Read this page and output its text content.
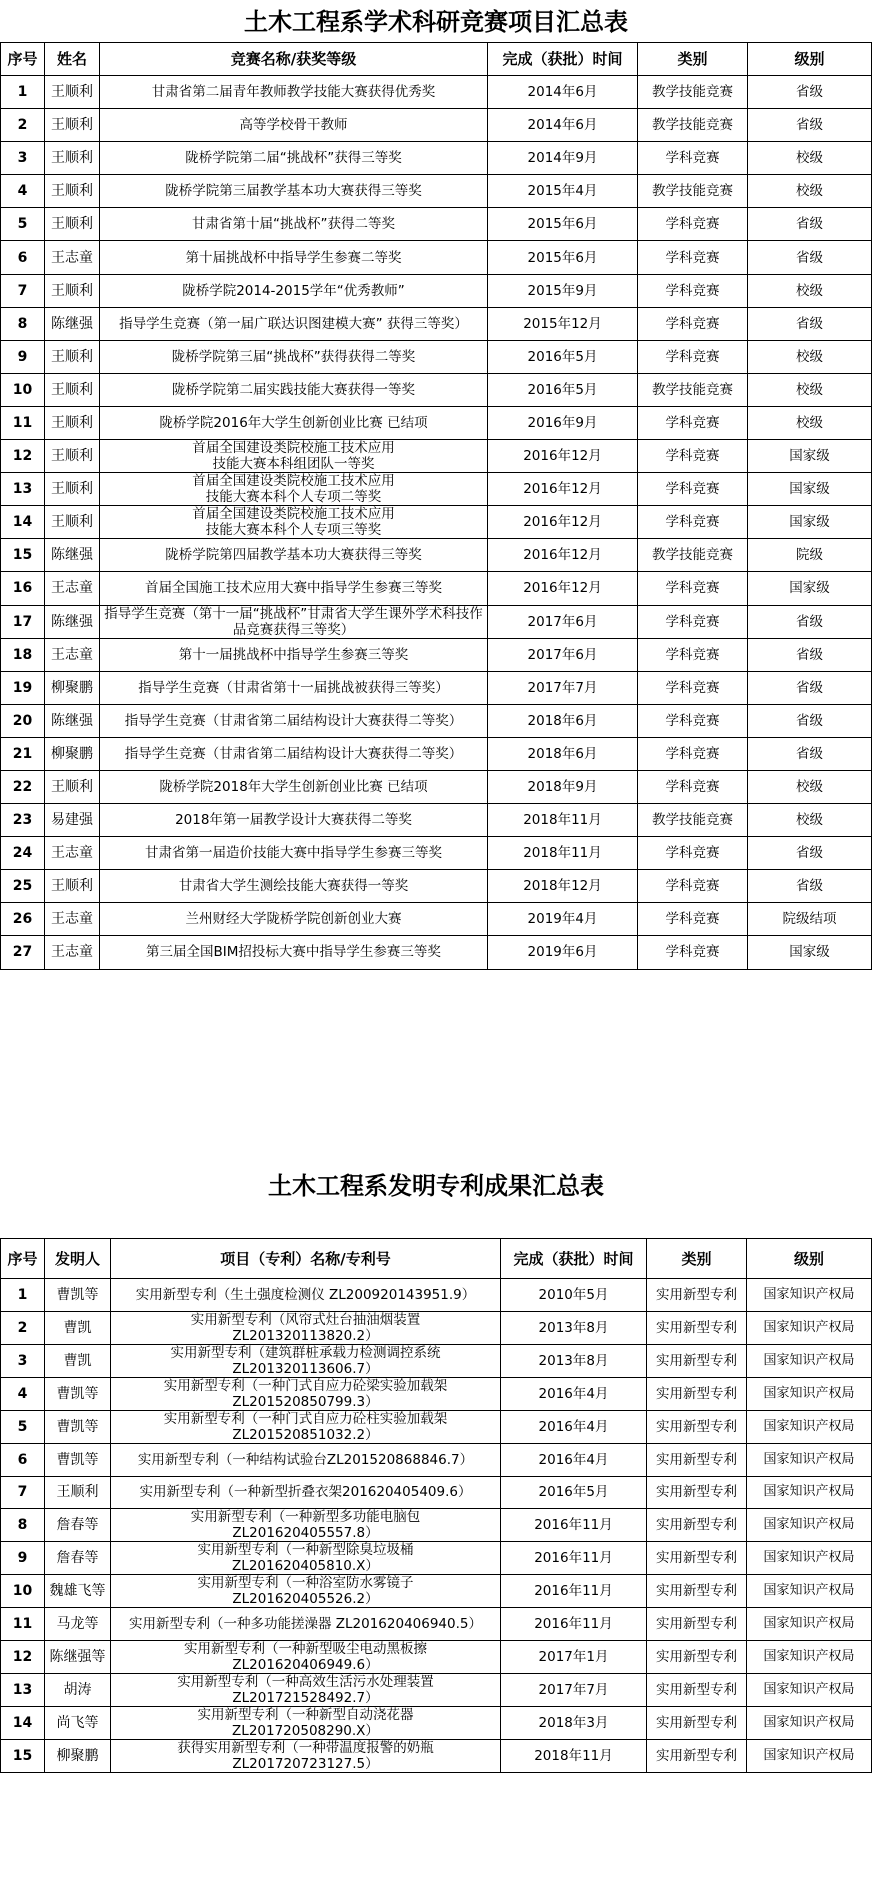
土木工程系学术科研竞赛项目汇总表
序号	姓名	竞赛名称/获奖等级	完成（获批）时间	类别	级别
1	王顺利	甘肃省第二届青年教师教学技能大赛获得优秀奖	2014年6月	教学技能竞赛	省级
2	王顺利	高等学校骨干教师	2014年6月	教学技能竞赛	省级
3	王顺利	陇桥学院第二届“挑战杯”获得三等奖	2014年9月	学科竞赛	校级
4	王顺利	陇桥学院第三届教学基本功大赛获得三等奖	2015年4月	教学技能竞赛	校级
5	王顺利	甘肃省第十届“挑战杯”获得二等奖	2015年6月	学科竞赛	省级
6	王志童	第十届挑战杯中指导学生参赛二等奖	2015年6月	学科竞赛	省级
7	王顺利	陇桥学院2014-2015学年“优秀教师”	2015年9月	学科竞赛	校级
8	陈继强	指导学生竞赛（第一届广联达识图建模大赛” 获得三等奖）	2015年12月	学科竞赛	省级
9	王顺利	陇桥学院第三届“挑战杯”获得获得二等奖	2016年5月	学科竞赛	校级
10	王顺利	陇桥学院第二届实践技能大赛获得一等奖	2016年5月	教学技能竞赛	校级
11	王顺利	陇桥学院2016年大学生创新创业比赛 已结项	2016年9月	学科竞赛	校级
12	王顺利	首届全国建设类院校施工技术应用
技能大赛本科组团队一等奖	2016年12月	学科竞赛	国家级
13	王顺利	首届全国建设类院校施工技术应用
技能大赛本科个人专项二等奖	2016年12月	学科竞赛	国家级
14	王顺利	首届全国建设类院校施工技术应用
技能大赛本科个人专项三等奖	2016年12月	学科竞赛	国家级
15	陈继强	陇桥学院第四届教学基本功大赛获得三等奖	2016年12月	教学技能竞赛	院级
16	王志童	首届全国施工技术应用大赛中指导学生参赛三等奖	2016年12月	学科竞赛	国家级
17	陈继强	指导学生竞赛（第十一届“挑战杯”甘肃省大学生课外学术科技作品竞赛获得三等奖）	2017年6月	学科竞赛	省级
18	王志童	第十一届挑战杯中指导学生参赛三等奖	2017年6月	学科竞赛	省级
19	柳聚鹏	指导学生竞赛（甘肃省第十一届挑战被获得三等奖）	2017年7月	学科竞赛	省级
20	陈继强	指导学生竞赛（甘肃省第二届结构设计大赛获得二等奖）	2018年6月	学科竞赛	省级
21	柳聚鹏	指导学生竞赛（甘肃省第二届结构设计大赛获得二等奖）	2018年6月	学科竞赛	省级
22	王顺利	陇桥学院2018年大学生创新创业比赛 已结项	2018年9月	学科竞赛	校级
23	易建强	2018年第一届教学设计大赛获得二等奖	2018年11月	教学技能竞赛	校级
24	王志童	甘肃省第一届造价技能大赛中指导学生参赛三等奖	2018年11月	学科竞赛	省级
25	王顺利	甘肃省大学生测绘技能大赛获得一等奖	2018年12月	学科竞赛	省级
26	王志童	兰州财经大学陇桥学院创新创业大赛	2019年4月	学科竞赛	院级结项
27	王志童	第三届全国BIM招投标大赛中指导学生参赛三等奖	2019年6月	学科竞赛	国家级
土木工程系发明专利成果汇总表
序号	发明人	项目（专利）名称/专利号	完成（获批）时间	类别	级别
1	曹凯等	实用新型专利（生土强度检测仪 ZL200920143951.9）	2010年5月	实用新型专利	国家知识产权局
2	曹凯	实用新型专利（风帘式灶台抽油烟装置
ZL201320113820.2）	2013年8月	实用新型专利	国家知识产权局
3	曹凯	实用新型专利（建筑群桩承载力检测调控系统
ZL201320113606.7）	2013年8月	实用新型专利	国家知识产权局
4	曹凯等	实用新型专利（一种门式自应力砼梁实验加载架
ZL201520850799.3）	2016年4月	实用新型专利	国家知识产权局
5	曹凯等	实用新型专利（一种门式自应力砼柱实验加载架
ZL201520851032.2）	2016年4月	实用新型专利	国家知识产权局
6	曹凯等	实用新型专利（一种结构试验台ZL201520868846.7）	2016年4月	实用新型专利	国家知识产权局
7	王顺利	实用新型专利（一种新型折叠衣架201620405409.6）	2016年5月	实用新型专利	国家知识产权局
8	詹春等	实用新型专利（一种新型多功能电脑包
ZL201620405557.8）	2016年11月	实用新型专利	国家知识产权局
9	詹春等	实用新型专利（一种新型除臭垃圾桶
ZL201620405810.X）	2016年11月	实用新型专利	国家知识产权局
10	魏雄飞等	实用新型专利（一种浴室防水雾镜子
ZL201620405526.2）	2016年11月	实用新型专利	国家知识产权局
11	马龙等	实用新型专利（一种多功能搓澡器 ZL201620406940.5）	2016年11月	实用新型专利	国家知识产权局
12	陈继强等	实用新型专利（一种新型吸尘电动黑板擦
ZL201620406949.6）	2017年1月	实用新型专利	国家知识产权局
13	胡涛	实用新型专利（一种高效生活污水处理装置
ZL201721528492.7）	2017年7月	实用新型专利	国家知识产权局
14	尚飞等	实用新型专利（一种新型自动浇花器
ZL201720508290.X）	2018年3月	实用新型专利	国家知识产权局
15	柳聚鹏	获得实用新型专利（一种带温度报警的奶瓶
ZL201720723127.5）	2018年11月	实用新型专利	国家知识产权局
